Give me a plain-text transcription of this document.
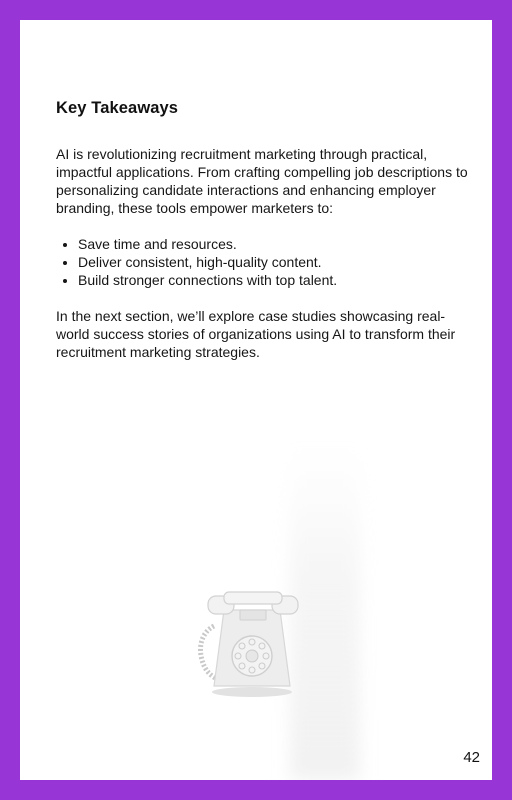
Key Takeaways

AI is revolutionizing recruitment marketing through practical, impactful applications. From crafting compelling job descriptions to personalizing candidate interactions and enhancing employer branding, these tools empower marketers to:

• Save time and resources.
• Deliver consistent, high-quality content.
• Build stronger connections with top talent.

In the next section, we’ll explore case studies showcasing real-world success stories of organizations using AI to transform their recruitment marketing strategies.

42
